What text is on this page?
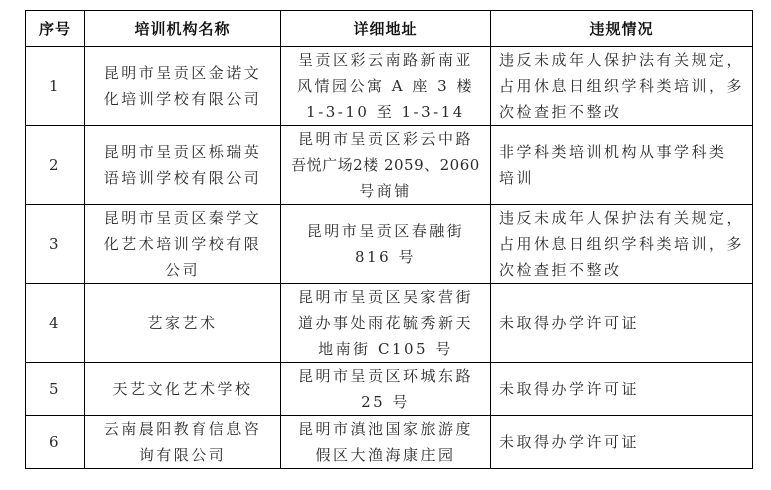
序号	培训机构名称	详细地址	违规情况
1	昆明市呈贡区金诺文
化培训学校有限公司	呈贡区彩云南路新南亚
风情园公寓 A 座 3 楼
1-3-10 至 1-3-14	违反未成年人保护法有关规定，
占用休息日组织学科类培训，多
次检查拒不整改

2	昆明市呈贡区栎瑞英
语培训学校有限公司	昆明市呈贡区彩云中路
吾悦广场2楼 2059、2060
号商铺	非学科类培训机构从事学科类
培训

3	昆明市呈贡区秦学文
化艺术培训学校有限
公司	昆明市呈贡区春融街
816 号	违反未成年人保护法有关规定，
占用休息日组织学科类培训，多
次检查拒不整改

4	艺家艺术	昆明市呈贡区吴家营街
道办事处雨花毓秀新天
地南街 C105 号	未取得办学许可证

5	天艺文化艺术学校	昆明市呈贡区环城东路
25 号	未取得办学许可证

6	云南晨阳教育信息咨
询有限公司	昆明市滇池国家旅游度
假区大渔海康庄园	未取得办学许可证
